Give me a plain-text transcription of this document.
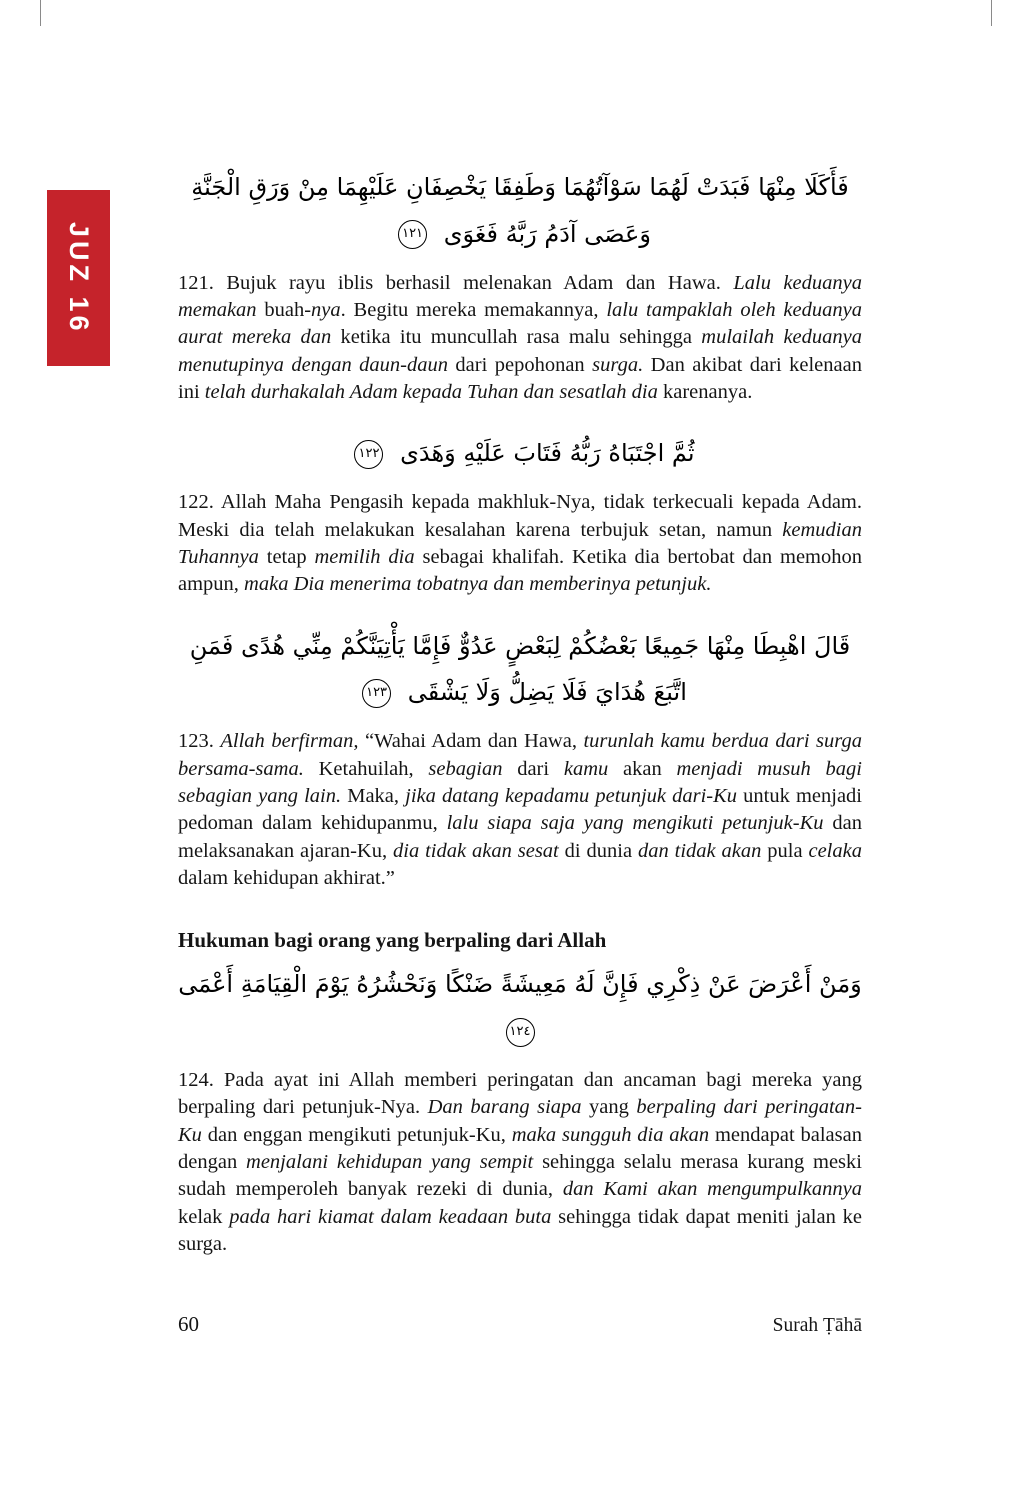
JUZ 16
فَأَكَلَا مِنْهَا فَبَدَتْ لَهُمَا سَوْآتُهُمَا وَطَفِقَا يَخْصِفَانِ عَلَيْهِمَا مِنْ وَرَقِ الْجَنَّةِ وَعَصَى آدَمُ رَبَّهُ فَغَوَى ١٢١

121. Bujuk rayu iblis berhasil melenakan Adam dan Hawa. Lalu keduanya memakan buah-nya. Begitu mereka memakannya, lalu tampaklah oleh keduanya aurat mereka dan ketika itu muncullah rasa malu sehingga mulailah keduanya menutupinya dengan daun-daun dari pepohonan surga. Dan akibat dari kelenaan ini telah durhakalah Adam kepada Tuhan dan sesatlah dia karenanya.

ثُمَّ اجْتَبَاهُ رَبُّهُ فَتَابَ عَلَيْهِ وَهَدَى ١٢٢

122. Allah Maha Pengasih kepada makhluk-Nya, tidak terkecuali kepada Adam. Meski dia telah melakukan kesalahan karena terbujuk setan, namun kemudian Tuhannya tetap memilih dia sebagai khalifah. Ketika dia bertobat dan memohon ampun, maka Dia menerima tobatnya dan memberinya petunjuk.

قَالَ اهْبِطَا مِنْهَا جَمِيعًا بَعْضُكُمْ لِبَعْضٍ عَدُوٌّ فَإِمَّا يَأْتِيَنَّكُمْ مِنِّي هُدًى فَمَنِ اتَّبَعَ هُدَايَ فَلَا يَضِلُّ وَلَا يَشْقَى ١٢٣

123. Allah berfirman, “Wahai Adam dan Hawa, turunlah kamu berdua dari surga bersama-sama. Ketahuilah, sebagian dari kamu akan menjadi musuh bagi sebagian yang lain. Maka, jika datang kepadamu petunjuk dari-Ku untuk menjadi pedoman dalam kehidupanmu, lalu siapa saja yang mengikuti petunjuk-Ku dan melaksanakan ajaran-Ku, dia tidak akan sesat di dunia dan tidak akan pula celaka dalam kehidupan akhirat.”

Hukuman bagi orang yang berpaling dari Allah
وَمَنْ أَعْرَضَ عَنْ ذِكْرِي فَإِنَّ لَهُ مَعِيشَةً ضَنْكًا وَنَحْشُرُهُ يَوْمَ الْقِيَامَةِ أَعْمَى ١٢٤

124. Pada ayat ini Allah memberi peringatan dan ancaman bagi mereka yang berpaling dari petunjuk-Nya. Dan barang siapa yang berpaling dari peringatan-Ku dan enggan mengikuti petunjuk-Ku, maka sungguh dia akan mendapat balasan dengan menjalani kehidupan yang sempit sehingga selalu merasa kurang meski sudah memperoleh banyak rezeki di dunia, dan Kami akan mengumpulkannya kelak pada hari kiamat dalam keadaan buta sehingga tidak dapat meniti jalan ke surga.

60	Surah Ṭāhā
